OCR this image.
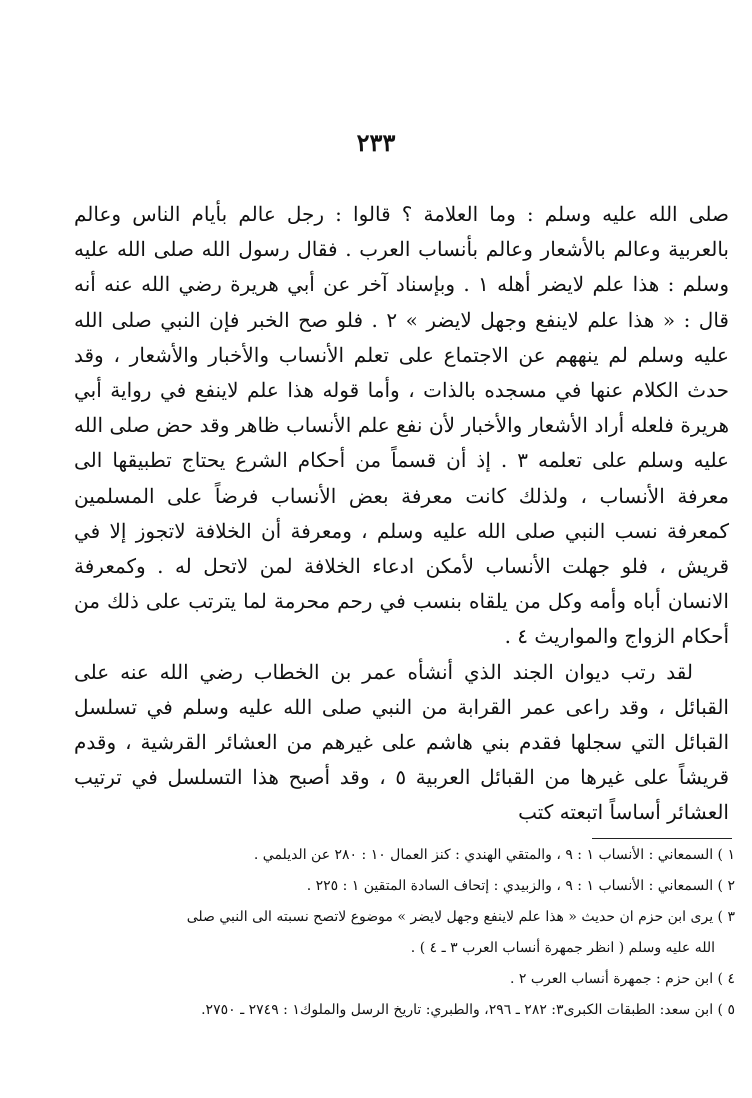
٢٣٣

صلى الله عليه وسلم : وما العلامة ؟ قالوا : رجل عالم بأيام الناس وعالم بالعربية وعالم بالأشعار وعالم بأنساب العرب . فقال رسول الله صلى الله عليه وسلم : هذا علم لايضر أهله ١ . وبإسناد آخر عن أبي هريرة رضي الله عنه أنه قال : « هذا علم لاينفع وجهل لايضر » ٢ . فلو صح الخبر فإن النبي صلى الله عليه وسلم لم ينههم عن الاجتماع على تعلم الأنساب والأخبار والأشعار ، وقد حدث الكلام عنها في مسجده بالذات ، وأما قوله هذا علم لاينفع في رواية أبي هريرة فلعله أراد الأشعار والأخبار لأن نفع علم الأنساب ظاهر وقد حض صلى الله عليه وسلم على تعلمه ٣ . إذ أن قسماً من أحكام الشرع يحتاج تطبيقها الى معرفة الأنساب ، ولذلك كانت معرفة بعض الأنساب فرضاً على المسلمين كمعرفة نسب النبي صلى الله عليه وسلم ، ومعرفة أن الخلافة لاتجوز إلا في قريش ، فلو جهلت الأنساب لأمكن ادعاء الخلافة لمن لاتحل له . وكمعرفة الانسان أباه وأمه وكل من يلقاه بنسب في رحم محرمة لما يترتب على ذلك من أحكام الزواج والمواريث ٤ .

لقد رتب ديوان الجند الذي أنشأه عمر بن الخطاب رضي الله عنه على القبائل ، وقد راعى عمر القرابة من النبي صلى الله عليه وسلم في تسلسل القبائل التي سجلها فقدم بني هاشم على غيرهم من العشائر القرشية ، وقدم قريشاً على غيرها من القبائل العربية ٥ ، وقد أصبح هذا التسلسل في ترتيب العشائر أساساً اتبعته كتب

١ ) السمعاني : الأنساب ١ : ٩ ، والمتقي الهندي : كنز العمال ١٠ : ٢٨٠ عن الديلمي .

٢ ) السمعاني : الأنساب ١ : ٩ ، والزبيدي : إتحاف السادة المتقين ١ : ٢٢٥ .

٣ ) يرى ابن حزم ان حديث « هذا علم لاينفع وجهل لايضر » موضوع لاتصح نسبته الى النبي صلى

الله عليه وسلم ( انظر جمهرة أنساب العرب ٣ ـ ٤ ) .

٤ ) ابن حزم : جمهرة أنساب العرب ٢ .

٥ ) ابن سعد: الطبقات الكبرى٣: ٢٨٢ ـ ٢٩٦، والطبري: تاريخ الرسل والملوك١ : ٢٧٤٩ ـ ٢٧٥٠.
